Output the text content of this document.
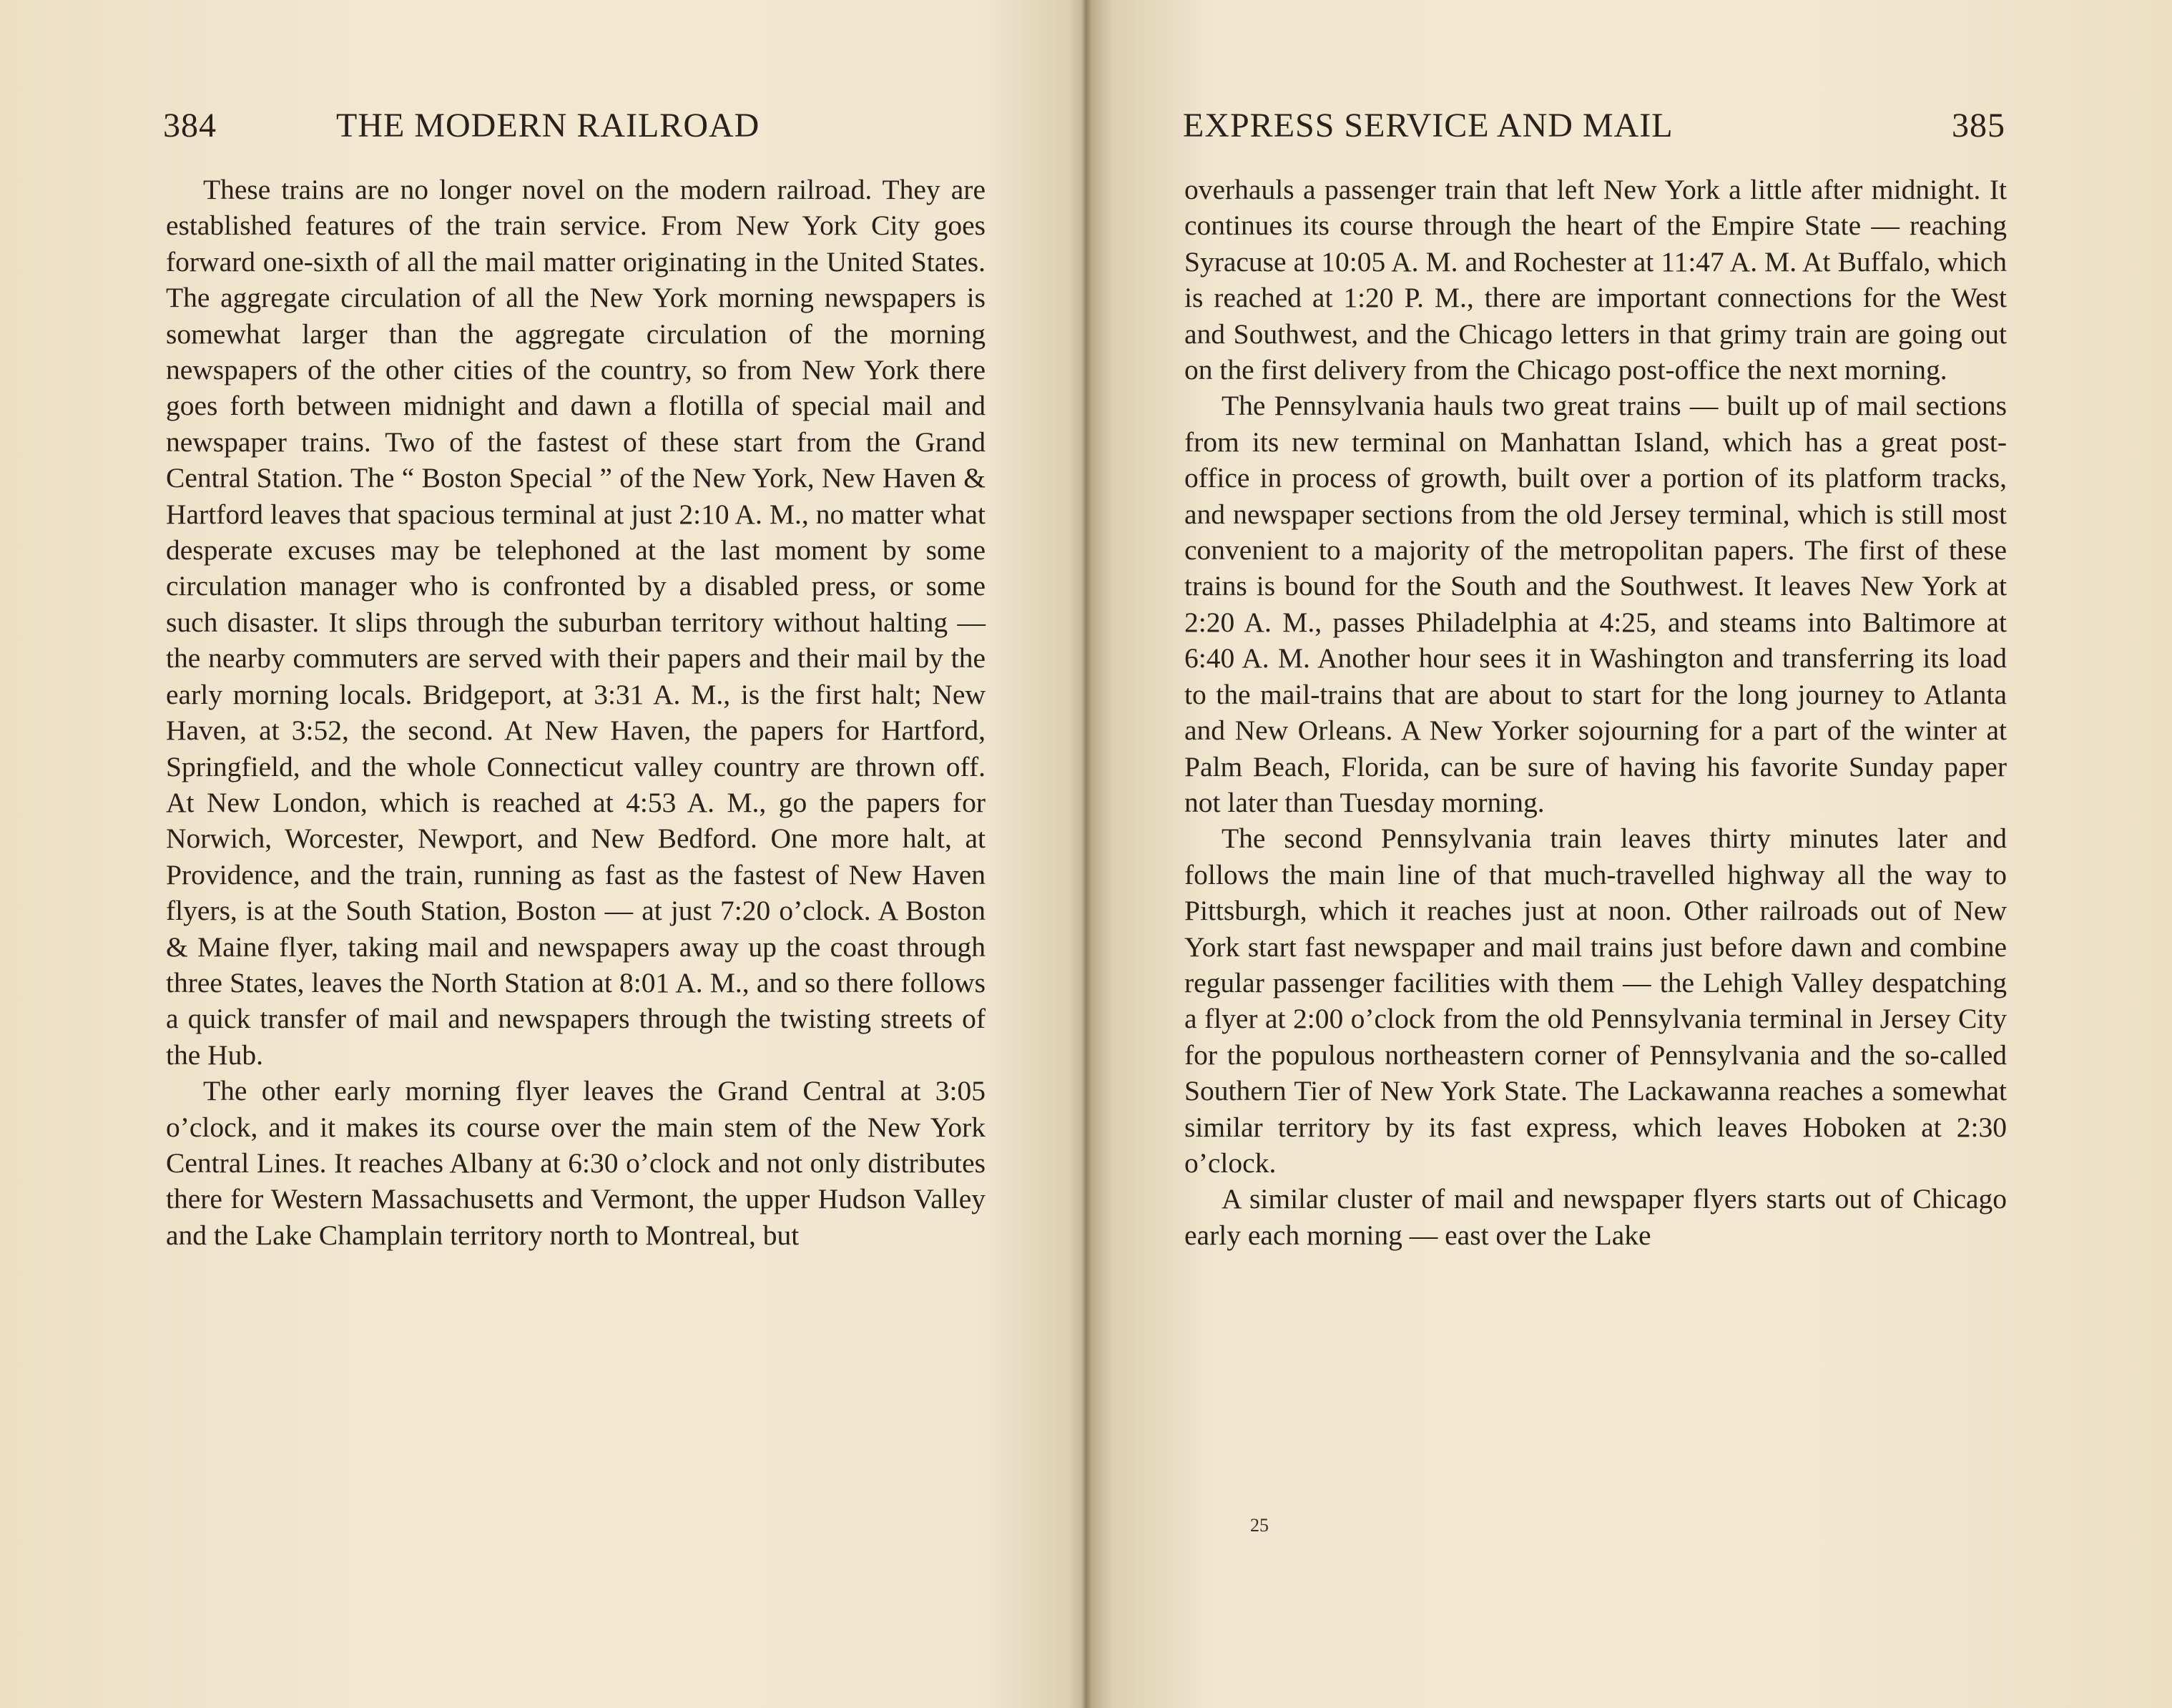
384	THE MODERN RAILROAD

These trains are no longer novel on the modern railroad. They are established features of the train service. From New York City goes forward one-sixth of all the mail matter originating in the United States. The aggregate circulation of all the New York morning newspapers is somewhat larger than the aggregate circulation of the morning newspapers of the other cities of the country, so from New York there goes forth between midnight and dawn a flotilla of special mail and newspaper trains. Two of the fastest of these start from the Grand Central Station. The “ Boston Special ” of the New York, New Haven & Hartford leaves that spacious terminal at just 2:10 A. M., no matter what desperate excuses may be telephoned at the last moment by some circulation manager who is confronted by a disabled press, or some such disaster. It slips through the suburban territory without halting — the nearby commuters are served with their papers and their mail by the early morning locals. Bridgeport, at 3:31 A. M., is the first halt; New Haven, at 3:52, the second. At New Haven, the papers for Hartford, Springfield, and the whole Connecticut valley country are thrown off. At New London, which is reached at 4:53 A. M., go the papers for Norwich, Worcester, Newport, and New Bedford. One more halt, at Providence, and the train, running as fast as the fastest of New Haven flyers, is at the South Station, Boston — at just 7:20 o’clock. A Boston & Maine flyer, taking mail and newspapers away up the coast through three States, leaves the North Station at 8:01 A. M., and so there follows a quick transfer of mail and newspapers through the twisting streets of the Hub.

The other early morning flyer leaves the Grand Central at 3:05 o’clock, and it makes its course over the main stem of the New York Central Lines. It reaches Albany at 6:30 o’clock and not only distributes there for Western Massachusetts and Vermont, the upper Hudson Valley and the Lake Champlain territory north to Montreal, but

EXPRESS SERVICE AND MAIL	385

overhauls a passenger train that left New York a little after midnight. It continues its course through the heart of the Empire State — reaching Syracuse at 10:05 A. M. and Rochester at 11:47 A. M. At Buffalo, which is reached at 1:20 P. M., there are important connections for the West and Southwest, and the Chicago letters in that grimy train are going out on the first delivery from the Chicago post-office the next morning.

The Pennsylvania hauls two great trains — built up of mail sections from its new terminal on Manhattan Island, which has a great post-office in process of growth, built over a portion of its platform tracks, and newspaper sections from the old Jersey terminal, which is still most convenient to a majority of the metropolitan papers. The first of these trains is bound for the South and the Southwest. It leaves New York at 2:20 A. M., passes Philadelphia at 4:25, and steams into Baltimore at 6:40 A. M. Another hour sees it in Washington and transferring its load to the mail-trains that are about to start for the long journey to Atlanta and New Orleans. A New Yorker sojourning for a part of the winter at Palm Beach, Florida, can be sure of having his favorite Sunday paper not later than Tuesday morning.

The second Pennsylvania train leaves thirty minutes later and follows the main line of that much-travelled highway all the way to Pittsburgh, which it reaches just at noon. Other railroads out of New York start fast newspaper and mail trains just before dawn and combine regular passenger facilities with them — the Lehigh Valley despatching a flyer at 2:00 o’clock from the old Pennsylvania terminal in Jersey City for the populous northeastern corner of Pennsylvania and the so-called Southern Tier of New York State. The Lackawanna reaches a somewhat similar territory by its fast express, which leaves Hoboken at 2:30 o’clock.

A similar cluster of mail and newspaper flyers starts out of Chicago early each morning — east over the Lake

25
